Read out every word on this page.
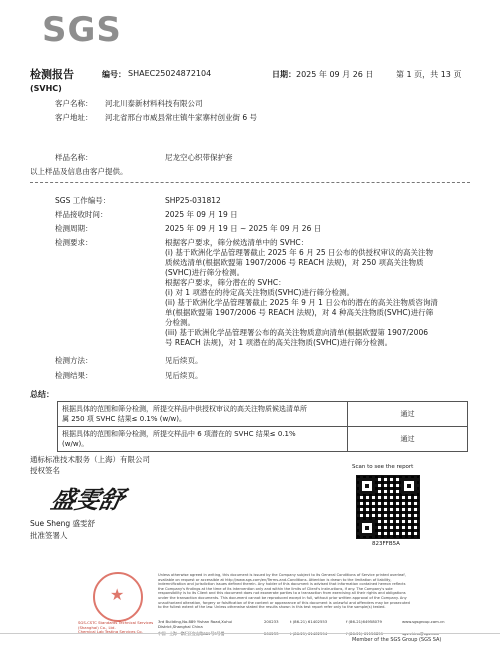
SGS
检测报告
(SVHC)
编号： SHAEC25024872104	日期： 2025 年 09 月 26 日	第 1 页，共 13 页
客户名称： 河北川泰新材料科技有限公司
客户地址： 河北省邢台市威县常庄镇牛家寨村创业街 6 号
样品名称：	尼龙空心织带保护套
以上样品及信息由客户提供。
SGS 工作编号：	SHP25-031812
样品接收时间：	2025 年 09 月 19 日
检测周期：	2025 年 09 月 19 日 ~ 2025 年 09 月 26 日
检测要求：	根据客户要求，筛分候选清单中的 SVHC：
(i) 基于欧洲化学品管理署截止 2025 年 6 月 25 日公布的供授权审议的高关注物
质候选清单(根据欧盟第 1907/2006 号 REACH 法规)，对 250 项高关注物质
(SVHC)进行筛分检测。
根据客户要求，筛分潜在的 SVHC：
(i) 对 1 项潜在的待定高关注物质(SVHC)进行筛分检测。
(ii) 基于欧洲化学品管理署截止 2025 年 9 月 1 日公布的潜在的高关注物质咨询清
单(根据欧盟第 1907/2006 号 REACH 法规)，对 4 种高关注物质(SVHC)进行筛
分检测。
(iii) 基于欧洲化学品管理署公布的高关注物质意向清单(根据欧盟第 1907/2006
号 REACH 法规)，对 1 项潜在的高关注物质(SVHC)进行筛分检测。
检测方法：	见后续页。
检测结果：	见后续页。
总结：
根据具体的范围和筛分检测，所提交样品中供授权审议的高关注物质候选清单所
属 250 项 SVHC 结果≤ 0.1% (w/w)。	通过

根据具体的范围和筛分检测，所提交样品中 6 项潜在的 SVHC 结果≤ 0.1%
(w/w)。	通过
通标标准技术服务（上海）有限公司
授权签名
盛雯舒
Sue Sheng 盛雯舒
批准签署人
Scan to see the report
823FFB5A
★
SGS-CSTC Standards Technical Services
(Shanghai) Co., Ltd.
Chemical Lab Testing Services Co.
Unless otherwise agreed in writing, this document is issued by the Company subject to its General Conditions of Service printed overleaf,
available on request or accessible at http://www.sgs.com/en/Terms-and-Conditions. Attention is drawn to the limitation of liability,
indemnification and jurisdiction issues defined therein. Any holder of this document is advised that information contained hereon reflects
the Company's findings at the time of its intervention only and within the limits of Client's instructions, if any. The Company's sole
responsibility is to its Client and this document does not exonerate parties to a transaction from exercising all their rights and obligations
under the transaction documents. This document cannot be reproduced except in full, without prior written approval of the Company. Any
unauthorized alteration, forgery or falsification of the content or appearance of this document is unlawful and offenders may be prosecuted
to the fullest extent of the law. Unless otherwise stated the results shown in this test report refer only to the sample(s) tested.
3rd Building,No.889 Yishan Road,Xuhui District,Shanghai China
200233	t (86-21) 61402553	f (86-21)64958079	www.sgsgroup.com.cn
中国 · 上海 · 徐汇区宜山路889号3号楼	200233	t (86-21) 61402594	f (86-21) 61156899	sgs.china@sgs.com
Member of the SGS Group (SGS SA)
